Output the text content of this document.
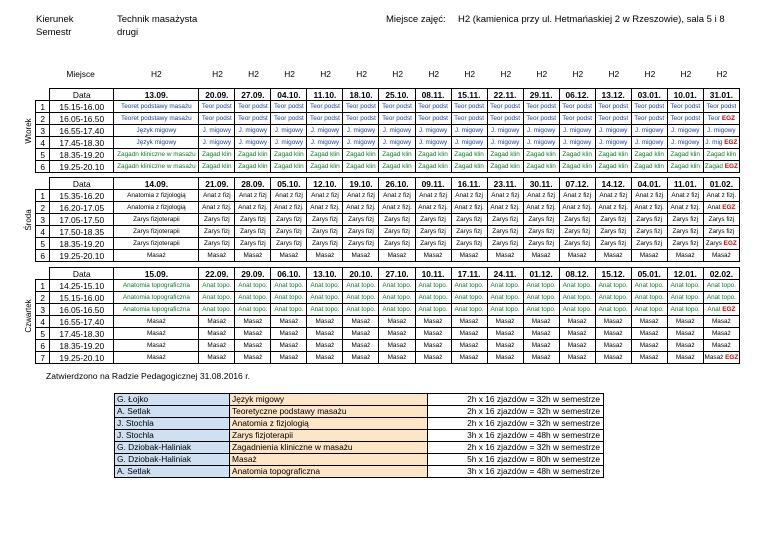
Kierunek
Semestr
Technik masażysta
drugi
Miejsce zajęć: H2 (kamienica przy ul. Hetmańaskiej 2 w Rzeszowie), sala 5 i 8
Miejsce	H2	H2	H2	H2	H2	H2	H2	H2	H2	H2	H2	H2	H2	H2	H2	H2
Wtorek		Data	13.09.	20.09.	27.09.	04.10.	11.10.	18.10.	25.10.	08.11.	15.11.	22.11.	29.11.	06.12.	13.12.	03.01.	10.01.	31.01.
	1	15.15-16.00	Teoret podstawy masażu	Teor podst	Teor podst	Teor podst	Teor podst	Teor podst	Teor podst	Teor podst	Teor podst	Teor podst	Teor podst	Teor podst	Teor podst	Teor podst	Teor podst	Teor podst
	2	16.05-16.50	Teoret podstawy masażu	Teor podst	Teor podst	Teor podst	Teor podst	Teor podst	Teor podst	Teor podst	Teor podst	Teor podst	Teor podst	Teor podst	Teor podst	Teor podst	Teor podst	Teor EGZ
	3	16.55-17.40	Język migowy	J. migowy	J. migowy	J. migowy	J. migowy	J. migowy	J. migowy	J. migowy	J. migowy	J. migowy	J. migowy	J. migowy	J. migowy	J. migowy	J. migowy	J. migowy
	4	17.45-18.30	Język migowy	J. migowy	J. migowy	J. migowy	J. migowy	J. migowy	J. migowy	J. migowy	J. migowy	J. migowy	J. migowy	J. migowy	J. migowy	J. migowy	J. migowy	J. mig EGZ
	5	18.35-19.20	Zagadn kliniczne w masażu	Zagad klin	Zagad klin	Zagad klin	Zagad klin	Zagad klin	Zagad klin	Zagad klin	Zagad klin	Zagad klin	Zagad klin	Zagad klin	Zagad klin	Zagad klin	Zagad klin	Zagad klin
	6	19.25-20.10	Zagadn kliniczne w masażu	Zagad klin	Zagad klin	Zagad klin	Zagad klin	Zagad klin	Zagad klin	Zagad klin	Zagad klin	Zagad klin	Zagad klin	Zagad klin	Zagad klin	Zagad klin	Zagad klin	Zagad EGZ
Środa		Data	14.09.	21.09.	28.09.	05.10.	12.10.	19.10.	26.10.	09.11.	16.11.	23.11.	30.11.	07.12.	14.12.	04.01.	11.01.	01.02.
	1	15.35-16.20	Anatomia z fizjologią	Anat z fizj	Anat z fizj	Anat z fizj	Anat z fizj	Anat z fizj	Anat z fizj	Anat z fizj	Anat z fizj	Anat z fizj	Anat z fizj	Anat z fizj	Anat z fizj	Anat z fizj	Anat z fizj	Anat z fizj.
	2	16.20-17.05	Anatomia z fizjologią	Anat z fizj.	Anat z fizj.	Anat z fizj.	Anat z fizj.	Anat z fizj.	Anat z fizj.	Anat z fizj.	Anat z fizj.	Anat z fizj.	Anat z fizj.	Anat z fizj.	Anat z fizj.	Anat z fizj.	Anat z fizj.	Anat EGZ
	3	17.05-17.50	Zarys fizjoterapii	Zarys fizj	Zarys fizj	Zarys fizj	Zarys fizj	Zarys fizj	Zarys fizj	Zarys fizj	Zarys fizj	Zarys fizj	Zarys fizj	Zarys fizj	Zarys fizj	Zarys fizj	Zarys fizj	Zarys fizj
	4	17.50-18.35	Zarys fizjoterapii	Zarys fizj	Zarys fizj	Zarys fizj	Zarys fizj	Zarys fizj	Zarys fizj	Zarys fizj	Zarys fizj	Zarys fizj	Zarys fizj	Zarys fizj	Zarys fizj	Zarys fizj	Zarys fizj	Zarys fizj
	5	18.35-19.20	Zarys fizjoterapii	Zarys fizj	Zarys fizj	Zarys fizj	Zarys fizj	Zarys fizj	Zarys fizj	Zarys fizj	Zarys fizj	Zarys fizj	Zarys fizj	Zarys fizj	Zarys fizj	Zarys fizj	Zarys fizj	Zarys EGZ
	6	19.25-20.10	Masaż	Masaż	Masaż	Masaż	Masaż	Masaż	Masaż	Masaż	Masaż	Masaż	Masaż	Masaż	Masaż	Masaż	Masaż	Masaż
Czwartek		Data	15.09.	22.09.	29.09.	06.10.	13.10.	20.10.	27.10.	10.11.	17.11.	24.11.	01.12.	08.12.	15.12.	05.01.	12.01.	02.02.
	1	14.25-15.10	Anatomia topograficzna	Anat topo.	Anat topo.	Anat topo.	Anat topo.	Anat topo.	Anat topo.	Anat topo.	Anat topo.	Anat topo.	Anat topo.	Anat topo.	Anat topo.	Anat topo.	Anat topo.	Anat topo.
	2	15.15-16.00	Anatomia topograficzna	Anat topo.	Anat topo.	Anat topo.	Anat topo.	Anat topo.	Anat topo.	Anat topo.	Anat topo.	Anat topo.	Anat topo.	Anat topo.	Anat topo.	Anat topo.	Anat topo.	Anat topo.
	3	16.05-16.50	Anatomia topograficzna	Anat topo.	Anat topo.	Anat topo.	Anat topo.	Anat topo.	Anat topo.	Anat topo.	Anat topo.	Anat topo.	Anat topo.	Anat topo.	Anat topo.	Anat topo.	Anat topo.	Anat EGZ
	4	16.55-17.40	Masaż	Masaż	Masaż	Masaż	Masaż	Masaż	Masaż	Masaż	Masaż	Masaż	Masaż	Masaż	Masaż	Masaż	Masaż	Masaż
	5	17.45-18.30	Masaż	Masaż	Masaż	Masaż	Masaż	Masaż	Masaż	Masaż	Masaż	Masaż	Masaż	Masaż	Masaż	Masaż	Masaż	Masaż
	6	18.35-19.20	Masaż	Masaż	Masaż	Masaż	Masaż	Masaż	Masaż	Masaż	Masaż	Masaż	Masaż	Masaż	Masaż	Masaż	Masaż	Masaż
	7	19.25-20.10	Masaż	Masaż	Masaż	Masaż	Masaż	Masaż	Masaż	Masaż	Masaż	Masaż	Masaż	Masaż	Masaż	Masaż	Masaż	Masaż EGZ
Zatwierdzono na Radzie Pedagogicznej 31.08.2016 r.
G. Łojko	Język migowy	2h x 16 zjazdów = 32h w semestrze
A. Setlak	Teoretyczne podstawy masażu	2h x 16 zjazdów = 32h w semestrze
J. Stochla	Anatomia z fizjologią	2h x 16 zjazdów = 32h w semestrze
J. Stochla	Zarys fizjoterapii	3h x 16 zjazdów = 48h w semestrze
G. Dziobak-Haliniak	Zagadnienia kliniczne w masażu	2h x 16 zjazdów = 32h w semestrze
G. Dziobak-Haliniak	Masaż	5h x 16 zjazdów = 80h w semestrze
A. Setlak	Anatomia topograficzna	3h x 16 zjazdów = 48h w semestrze
